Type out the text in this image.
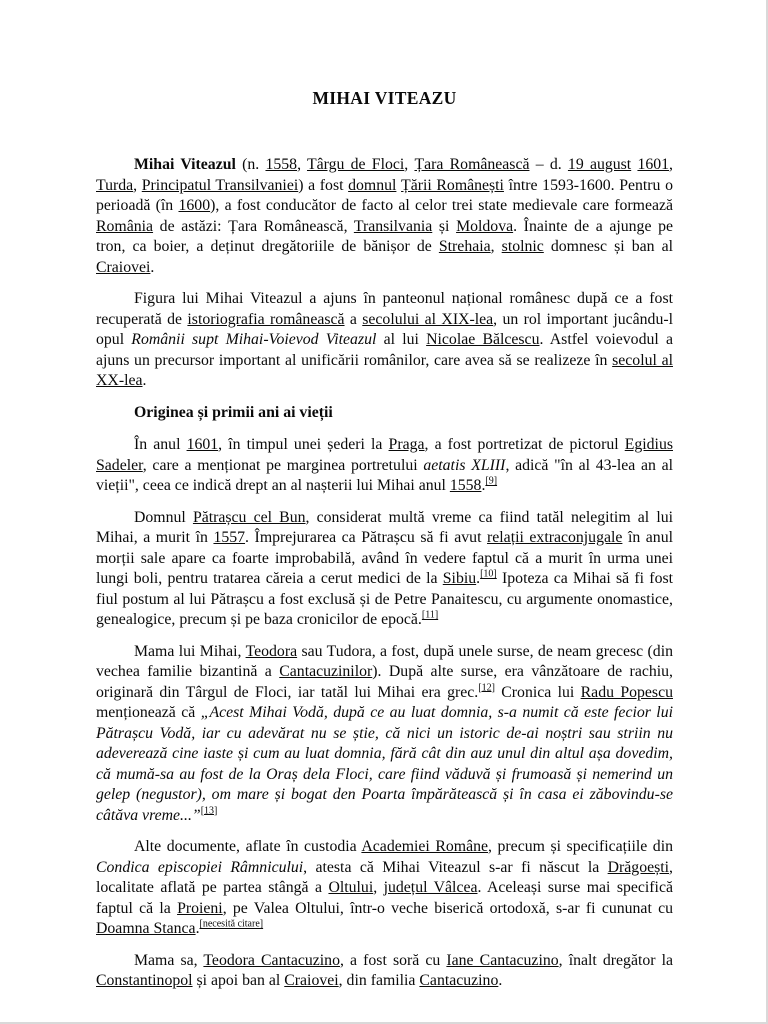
MIHAI VITEAZU

Mihai Viteazul (n. 1558, Târgu de Floci, Țara Românească – d. 19 august 1601, Turda, Principatul Transilvaniei) a fost domnul Țării Românești între 1593-1600. Pentru o perioadă (în 1600), a fost conducător de facto al celor trei state medievale care formează România de astăzi: Țara Românească, Transilvania și Moldova. Înainte de a ajunge pe tron, ca boier, a deținut dregătoriile de bănișor de Strehaia, stolnic domnesc și ban al Craiovei.

Figura lui Mihai Viteazul a ajuns în panteonul național românesc după ce a fost recuperată de istoriografia românească a secolului al XIX-lea, un rol important jucându-l opul Românii supt Mihai-Voievod Viteazul al lui Nicolae Bălcescu. Astfel voievodul a ajuns un precursor important al unificării românilor, care avea să se realizeze în secolul al XX-lea.

Originea și primii ani ai vieții

În anul 1601, în timpul unei șederi la Praga, a fost portretizat de pictorul Egidius Sadeler, care a menționat pe marginea portretului aetatis XLIII, adică "în al 43-lea an al vieții", ceea ce indică drept an al nașterii lui Mihai anul 1558.[9]

Domnul Pătrașcu cel Bun, considerat multă vreme ca fiind tatăl nelegitim al lui Mihai, a murit în 1557. Împrejurarea ca Pătrașcu să fi avut relații extraconjugale în anul morții sale apare ca foarte improbabilă, având în vedere faptul că a murit în urma unei lungi boli, pentru tratarea căreia a cerut medici de la Sibiu.[10] Ipoteza ca Mihai să fi fost fiul postum al lui Pătrașcu a fost exclusă și de Petre Panaitescu, cu argumente onomastice, genealogice, precum și pe baza cronicilor de epocă.[11]

Mama lui Mihai, Teodora sau Tudora, a fost, după unele surse, de neam grecesc (din vechea familie bizantină a Cantacuzinilor). După alte surse, era vânzătoare de rachiu, originară din Târgul de Floci, iar tatăl lui Mihai era grec.[12] Cronica lui Radu Popescu menționează că „Acest Mihai Vodă, după ce au luat domnia, s-a numit că este fecior lui Pătrașcu Vodă, iar cu adevărat nu se știe, că nici un istoric de-ai noștri sau striin nu adeverează cine iaste și cum au luat domnia, fără cât din auz unul din altul așa dovedim, că mumă-sa au fost de la Oraș dela Floci, care fiind văduvă și frumoasă și nemerind un gelep (negustor), om mare și bogat den Poarta împărătească și în casa ei zăbovindu-se câtăva vreme...”[13]

Alte documente, aflate în custodia Academiei Române, precum și specificațiile din Condica episcopiei Râmnicului, atesta că Mihai Viteazul s-ar fi născut la Drăgoești, localitate aflată pe partea stângă a Oltului, județul Vâlcea. Aceleași surse mai specifică faptul că la Proieni, pe Valea Oltului, într-o veche biserică ortodoxă, s-ar fi cununat cu Doamna Stanca.[necesită citare]

Mama sa, Teodora Cantacuzino, a fost soră cu Iane Cantacuzino, înalt dregător la Constantinopol și apoi ban al Craiovei, din familia Cantacuzino.
